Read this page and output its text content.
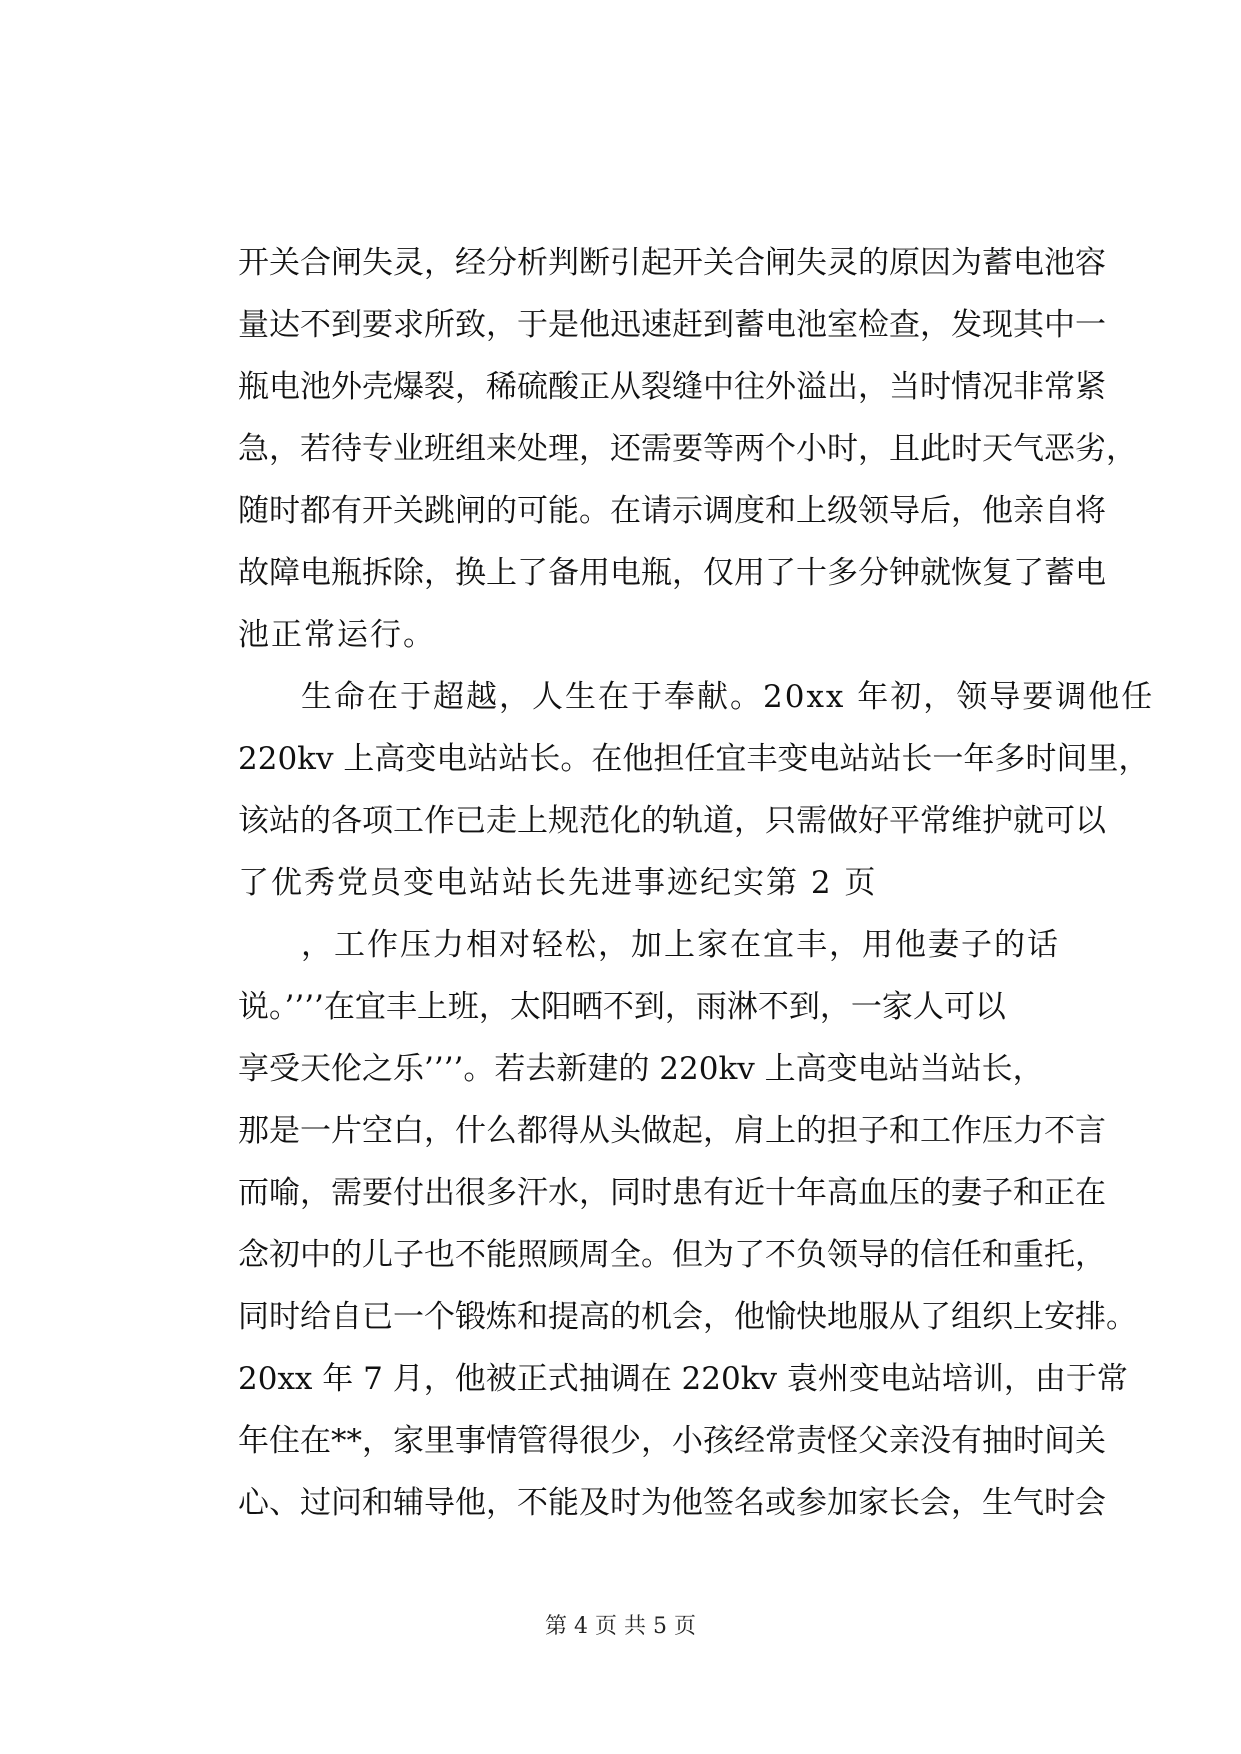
开关合闸失灵，经分析判断引起开关合闸失灵的原因为蓄电池容
量达不到要求所致，于是他迅速赶到蓄电池室检查，发现其中一
瓶电池外壳爆裂，稀硫酸正从裂缝中往外溢出，当时情况非常紧
急，若待专业班组来处理，还需要等两个小时，且此时天气恶劣，
随时都有开关跳闸的可能。在请示调度和上级领导后，他亲自将
故障电瓶拆除，换上了备用电瓶，仅用了十多分钟就恢复了蓄电
池正常运行。
生命在于超越，人生在于奉献。20xx 年初，领导要调他任
220kv 上高变电站站长。在他担任宜丰变电站站长一年多时间里，
该站的各项工作已走上规范化的轨道，只需做好平常维护就可以
了优秀党员变电站站长先进事迹纪实第 2 页
，工作压力相对轻松，加上家在宜丰，用他妻子的话
说。’’’’在宜丰上班，太阳晒不到，雨淋不到，一家人可以
享受天伦之乐’’’’。若去新建的 220kv 上高变电站当站长，
那是一片空白，什么都得从头做起，肩上的担子和工作压力不言
而喻，需要付出很多汗水，同时患有近十年高血压的妻子和正在
念初中的儿子也不能照顾周全。但为了不负领导的信任和重托，
同时给自已一个锻炼和提高的机会，他愉快地服从了组织上安排。
20xx 年 7 月，他被正式抽调在 220kv 袁州变电站培训，由于常
年住在**，家里事情管得很少，小孩经常责怪父亲没有抽时间关
心、过问和辅导他，不能及时为他签名或参加家长会，生气时会
第 4 页 共 5 页
